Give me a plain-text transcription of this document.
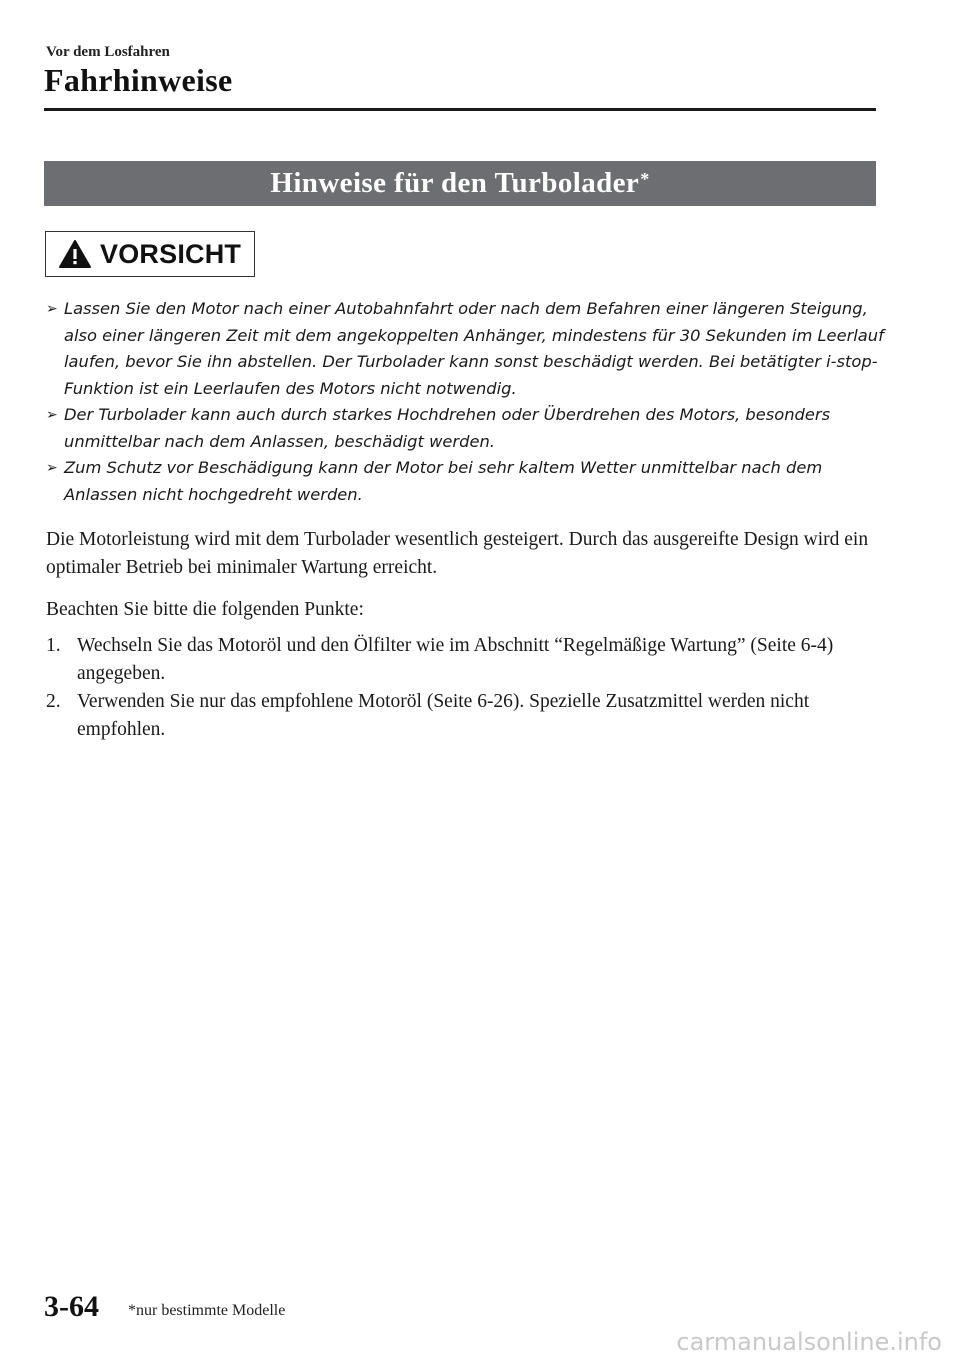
Vor dem Losfahren
Fahrhinweise
Hinweise für den Turbolader*
VORSICHT
➢ Lassen Sie den Motor nach einer Autobahnfahrt oder nach dem Befahren einer längeren Steigung, also einer längeren Zeit mit dem angekoppelten Anhänger, mindestens für 30 Sekunden im Leerlauf laufen, bevor Sie ihn abstellen. Der Turbolader kann sonst beschädigt werden. Bei betätigter i-stop-Funktion ist ein Leerlaufen des Motors nicht notwendig.
➢ Der Turbolader kann auch durch starkes Hochdrehen oder Überdrehen des Motors, besonders unmittelbar nach dem Anlassen, beschädigt werden.
➢ Zum Schutz vor Beschädigung kann der Motor bei sehr kaltem Wetter unmittelbar nach dem Anlassen nicht hochgedreht werden.

Die Motorleistung wird mit dem Turbolader wesentlich gesteigert. Durch das ausgereifte Design wird ein optimaler Betrieb bei minimaler Wartung erreicht.

Beachten Sie bitte die folgenden Punkte:

1. Wechseln Sie das Motoröl und den Ölfilter wie im Abschnitt “Regelmäßige Wartung” (Seite 6-4) angegeben.
2. Verwenden Sie nur das empfohlene Motoröl (Seite 6-26). Spezielle Zusatzmittel werden nicht empfohlen.
3-64 *nur bestimmte Modelle
carmanualsonline.info
